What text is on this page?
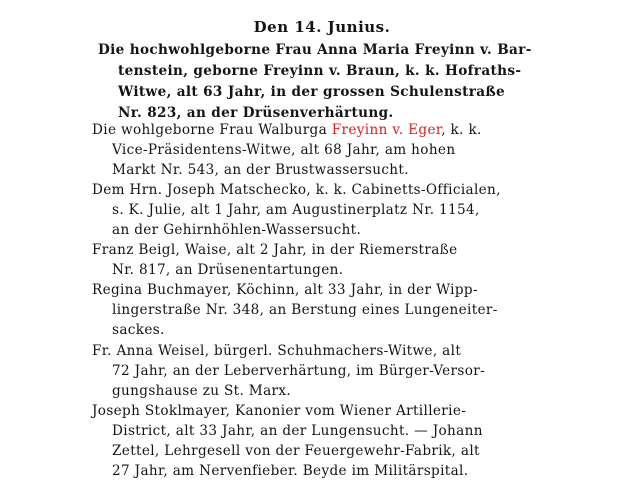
Den 14. Junius.
Die hochwohlgeborne Frau Anna Maria Freyinn v. Bar-
tenstein, geborne Freyinn v. Braun, k. k. Hofraths-
Witwe, alt 63 Jahr, in der grossen Schulenstraße
Nr. 823, an der Drüsenverhärtung.
Die wohlgeborne Frau Walburga Freyinn v. Eger, k. k.
Vice-Präsidentens-Witwe, alt 68 Jahr, am hohen
Markt Nr. 543, an der Brustwassersucht.
Dem Hrn. Joseph Matschecko, k. k. Cabinetts-Officialen,
s. K. Julie, alt 1 Jahr, am Augustinerplatz Nr. 1154,
an der Gehirnhöhlen-Wassersucht.
Franz Beigl, Waise, alt 2 Jahr, in der Riemerstraße
Nr. 817, an Drüsenentartungen.
Regina Buchmayer, Köchinn, alt 33 Jahr, in der Wipp-
lingerstraße Nr. 348, an Berstung eines Lungeneiter-
sackes.
Fr. Anna Weisel, bürgerl. Schuhmachers-Witwe, alt
72 Jahr, an der Leberverhärtung, im Bürger-Versor-
gungshause zu St. Marx.
Joseph Stoklmayer, Kanonier vom Wiener Artillerie-
District, alt 33 Jahr, an der Lungensucht. — Johann
Zettel, Lehrgesell von der Feuergewehr-Fabrik, alt
27 Jahr, am Nervenfieber. Beyde im Militärspital.
